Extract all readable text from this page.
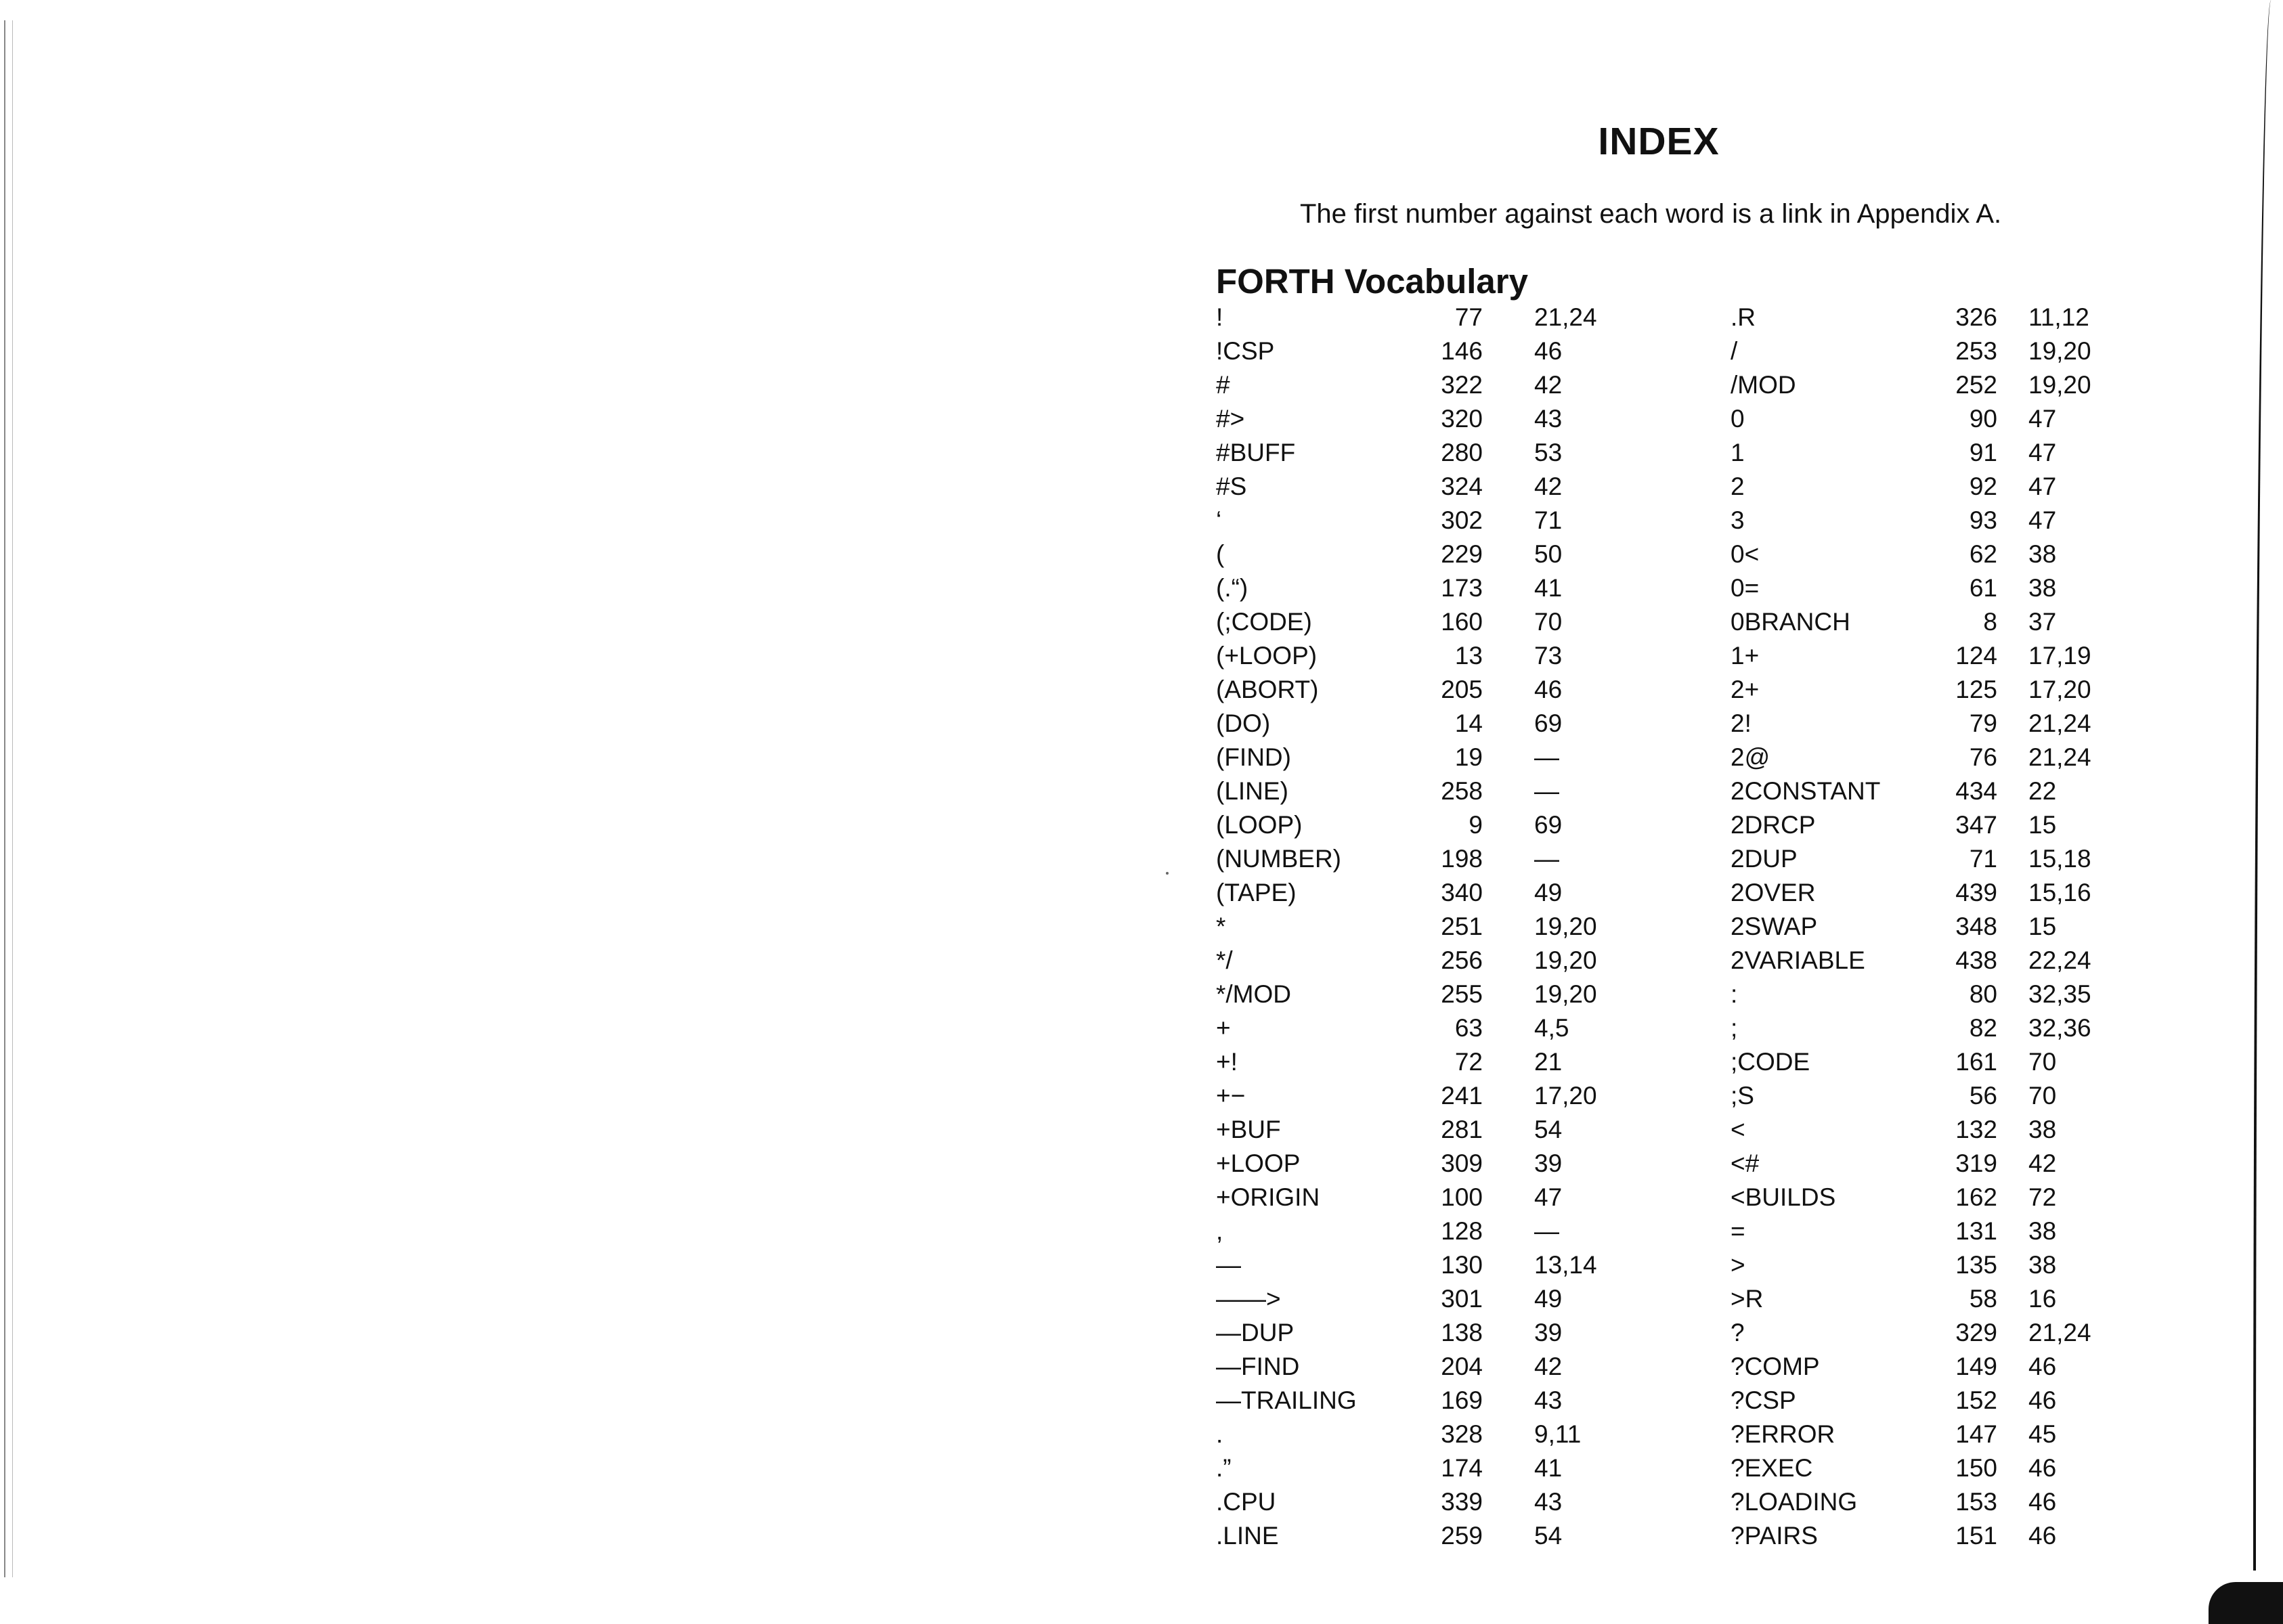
INDEX
The first number against each word is a link in Appendix A.
FORTH Vocabulary
!	77 21,24
!CSP	146 46
#	322 42
#>	320 43
#BUFF	280 53
#S	324 42
‘	302 71
(	229 50
(.“)	173 41
(;CODE)	160 70
(+LOOP)	13 73
(ABORT)	205 46
(DO)	14 69
(FIND)	19 —
(LINE)	258 —
(LOOP)	9 69
(NUMBER)	198 —
(TAPE)	340 49
*	251 19,20
*/	256 19,20
*/MOD	255 19,20
+	63 4,5
+!	72 21
+−	241 17,20
+BUF	281 54
+LOOP	309 39
+ORIGIN	100 47
,	128 —
—	130 13,14
——>	301 49
—DUP	138 39
—FIND	204 42
—TRAILING	169 43
.	328 9,11
.”	174 41
.CPU	339 43
.LINE	259 54
.R	326 11,12
/	253 19,20
/MOD	252 19,20
0	90 47
1	91 47
2	92 47
3	93 47
0<	62 38
0=	61 38
0BRANCH	8 37
1+	124 17,19
2+	125 17,20
2!	79 21,24
2@	76 21,24
2CONSTANT	434 22
2DRCP	347 15
2DUP	71 15,18
2OVER	439 15,16
2SWAP	348 15
2VARIABLE	438 22,24
:	80 32,35
;	82 32,36
;CODE	161 70
;S	56 70
<	132 38
<#	319 42
<BUILDS	162 72
=	131 38
>	135 38
>R	58 16
?	329 21,24
?COMP	149 46
?CSP	152 46
?ERROR	147 45
?EXEC	150 46
?LOADING	153 46
?PAIRS	151 46
